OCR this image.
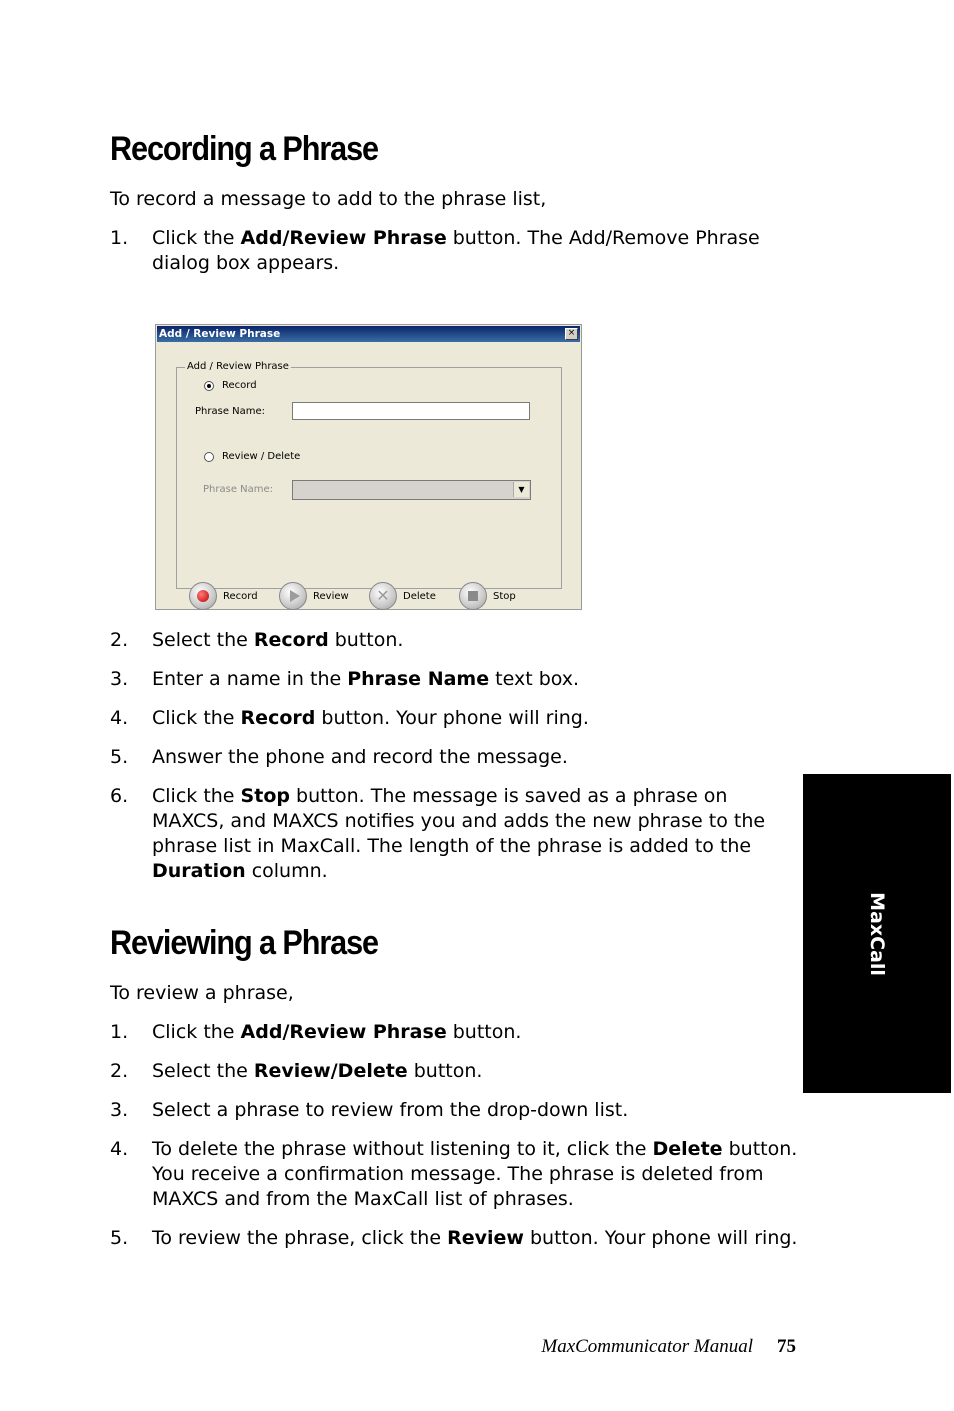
Recording a Phrase

To record a message to add to the phrase list,

1. Click the Add/Review Phrase button. The Add/Remove Phrase dialog box appears.
Add / Review Phrase	×
Add / Review Phrase
Record
Phrase Name:
Review / Delete
Phrase Name:	▼
Record	Review	✕	Delete	Stop
2. Select the Record button.
3. Enter a name in the Phrase Name text box.
4. Click the Record button. Your phone will ring.
5. Answer the phone and record the message.
6. Click the Stop button. The message is saved as a phrase on MAXCS, and MAXCS notifies you and adds the new phrase to the phrase list in MaxCall. The length of the phrase is added to the Duration column.
Reviewing a Phrase

To review a phrase,

1. Click the Add/Review Phrase button.
2. Select the Review/Delete button.
3. Select a phrase to review from the drop-down list.
4. To delete the phrase without listening to it, click the Delete button. You receive a confirmation message. The phrase is deleted from MAXCS and from the MaxCall list of phrases.
5. To review the phrase, click the Review button. Your phone will ring.
MaxCall
MaxCommunicator Manual 75
